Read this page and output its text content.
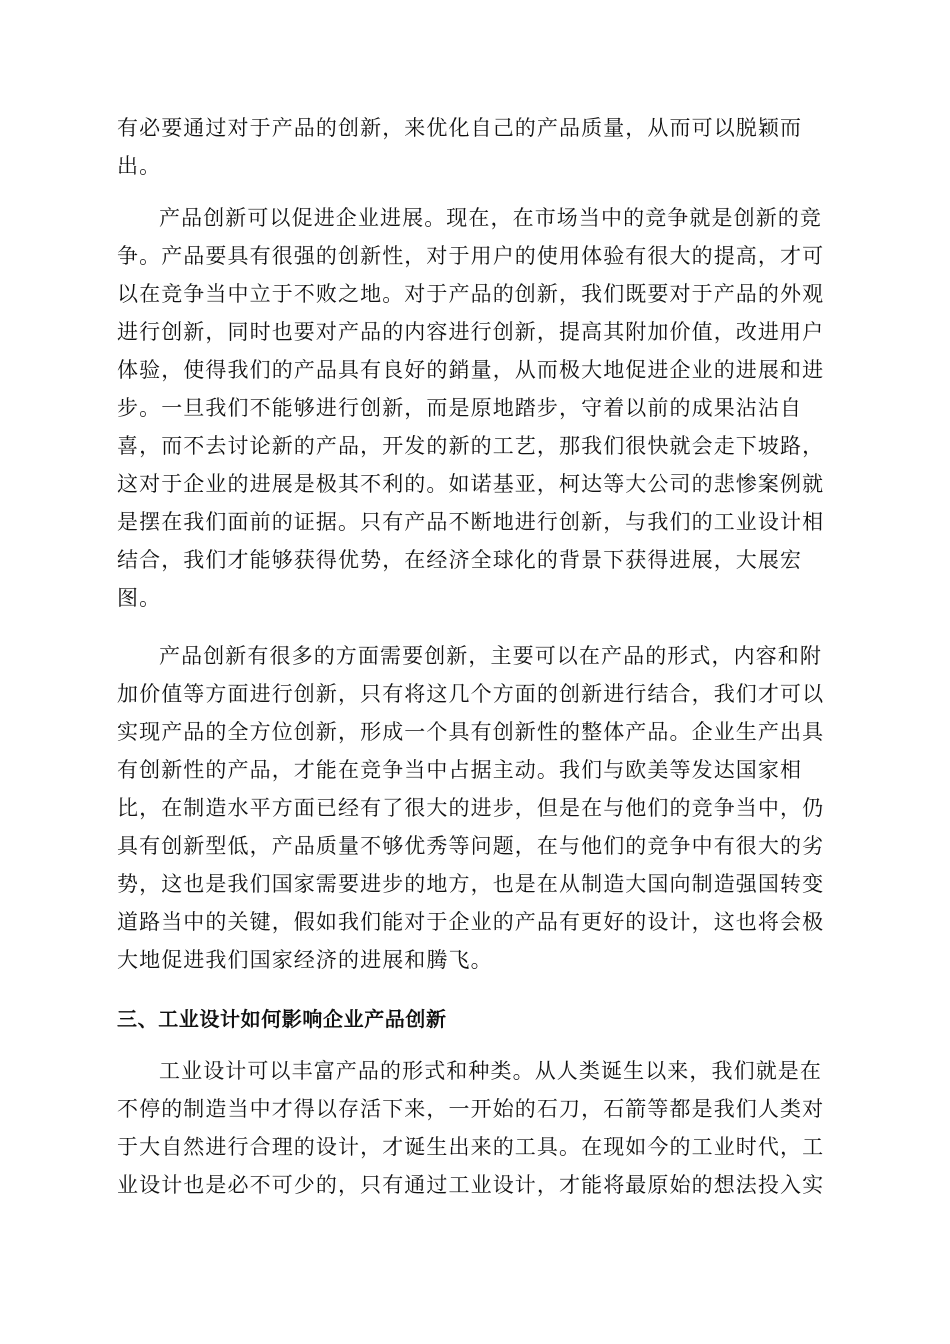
有必要通过对于产品的创新，来优化自己的产品质量，从而可以脱颖而
出。
产品创新可以促进企业进展。现在，在市场当中的竞争就是创新的竞
争。产品要具有很强的创新性，对于用户的使用体验有很大的提高，才可
以在竞争当中立于不败之地。对于产品的创新，我们既要对于产品的外观
进行创新，同时也要对产品的内容进行创新，提高其附加价值，改进用户
体验，使得我们的产品具有良好的銷量，从而极大地促进企业的进展和进
步。一旦我们不能够进行创新，而是原地踏步，守着以前的成果沾沾自
喜，而不去讨论新的产品，开发的新的工艺，那我们很快就会走下坡路，
这对于企业的进展是极其不利的。如诺基亚，柯达等大公司的悲惨案例就
是摆在我们面前的证据。只有产品不断地进行创新，与我们的工业设计相
结合，我们才能够获得优势，在经济全球化的背景下获得进展，大展宏
图。
产品创新有很多的方面需要创新，主要可以在产品的形式，内容和附
加价值等方面进行创新，只有将这几个方面的创新进行结合，我们才可以
实现产品的全方位创新，形成一个具有创新性的整体产品。企业生产出具
有创新性的产品，才能在竞争当中占据主动。我们与欧美等发达国家相
比，在制造水平方面已经有了很大的进步，但是在与他们的竞争当中，仍
具有创新型低，产品质量不够优秀等问题，在与他们的竞争中有很大的劣
势，这也是我们国家需要进步的地方，也是在从制造大国向制造强国转变
道路当中的关键，假如我们能对于企业的产品有更好的设计，这也将会极
大地促进我们国家经济的进展和腾飞。
三、工业设计如何影响企业产品创新
工业设计可以丰富产品的形式和种类。从人类诞生以来，我们就是在
不停的制造当中才得以存活下来，一开始的石刀，石箭等都是我们人类对
于大自然进行合理的设计，才诞生出来的工具。在现如今的工业时代，工
业设计也是必不可少的，只有通过工业设计，才能将最原始的想法投入实
